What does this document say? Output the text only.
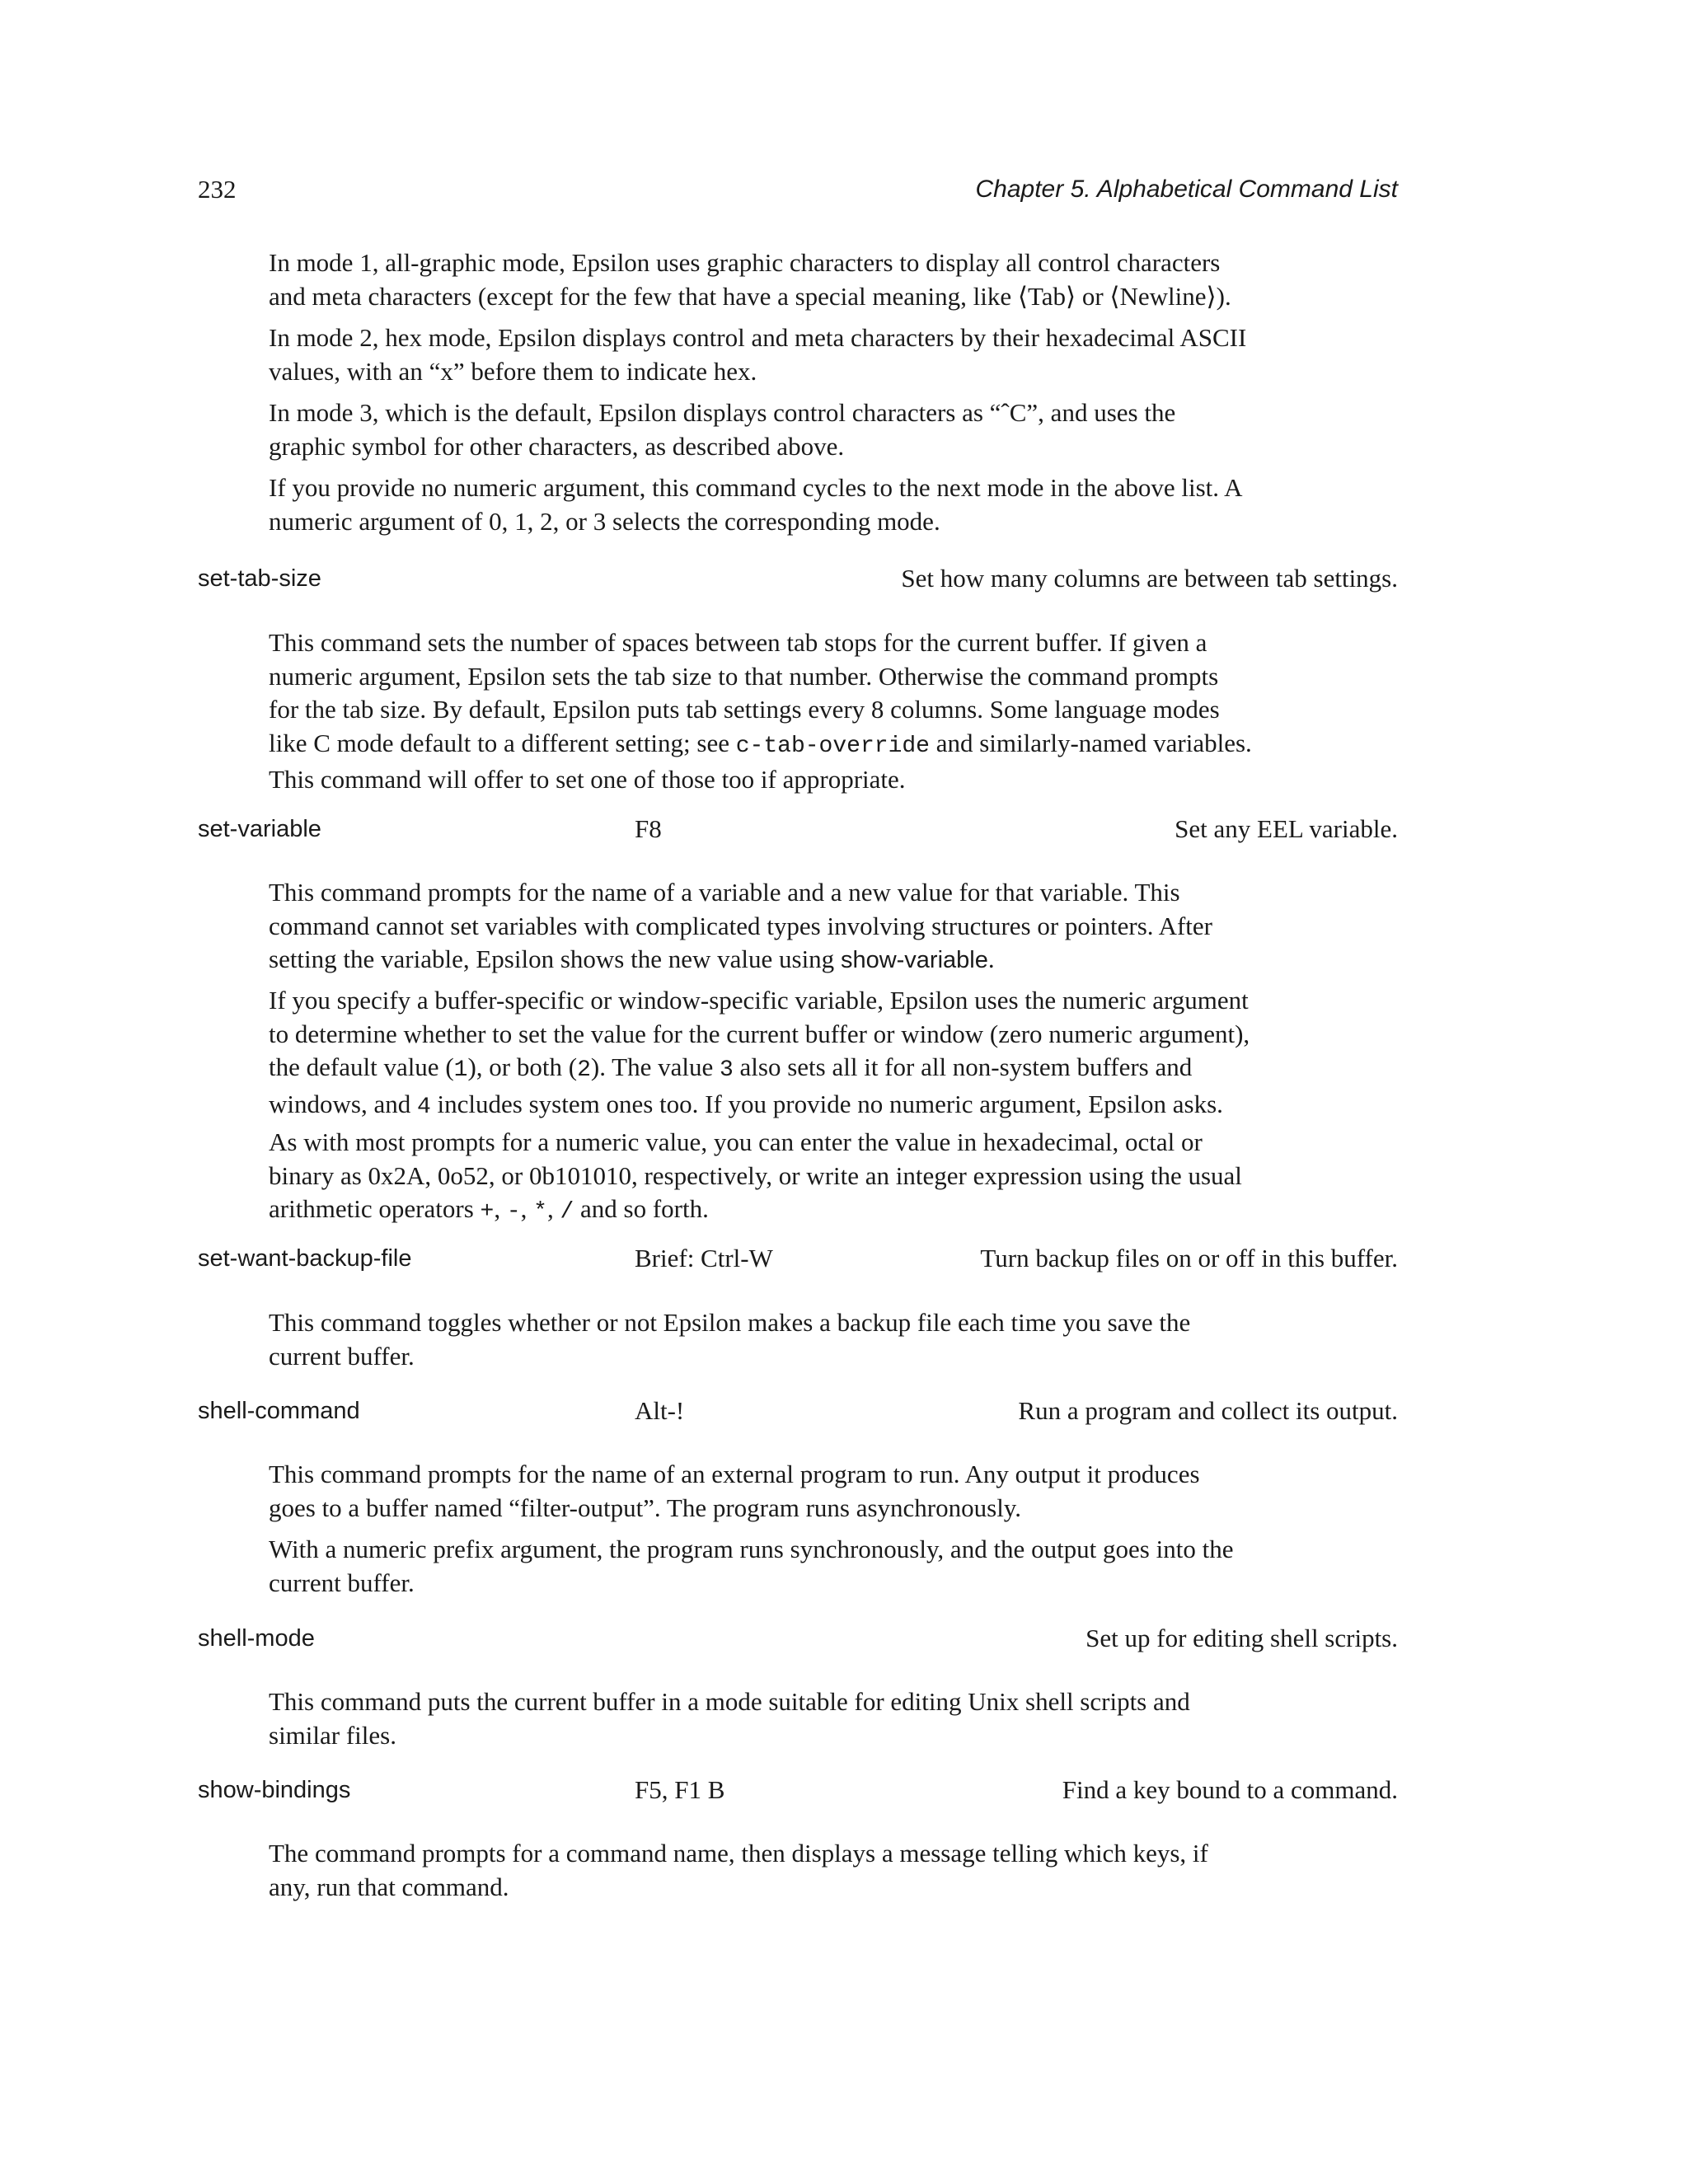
232	Chapter 5. Alphabetical Command List
In mode 1, all-graphic mode, Epsilon uses graphic characters to display all control characters
and meta characters (except for the few that have a special meaning, like ⟨Tab⟩ or ⟨Newline⟩).
In mode 2, hex mode, Epsilon displays control and meta characters by their hexadecimal ASCII
values, with an “x” before them to indicate hex.
In mode 3, which is the default, Epsilon displays control characters as “ˆC”, and uses the
graphic symbol for other characters, as described above.
If you provide no numeric argument, this command cycles to the next mode in the above list. A
numeric argument of 0, 1, 2, or 3 selects the corresponding mode.
set-tab-size	Set how many columns are between tab settings.
This command sets the number of spaces between tab stops for the current buffer. If given a
numeric argument, Epsilon sets the tab size to that number. Otherwise the command prompts
for the tab size. By default, Epsilon puts tab settings every 8 columns. Some language modes
like C mode default to a different setting; see c-tab-override and similarly-named variables.
This command will offer to set one of those too if appropriate.
set-variable	F8	Set any EEL variable.
This command prompts for the name of a variable and a new value for that variable. This
command cannot set variables with complicated types involving structures or pointers. After
setting the variable, Epsilon shows the new value using show-variable.
If you specify a buffer-specific or window-specific variable, Epsilon uses the numeric argument
to determine whether to set the value for the current buffer or window (zero numeric argument),
the default value (1), or both (2). The value 3 also sets all it for all non-system buffers and
windows, and 4 includes system ones too. If you provide no numeric argument, Epsilon asks.
As with most prompts for a numeric value, you can enter the value in hexadecimal, octal or
binary as 0x2A, 0o52, or 0b101010, respectively, or write an integer expression using the usual
arithmetic operators +, -, *, / and so forth.
set-want-backup-file	Brief: Ctrl-W	Turn backup files on or off in this buffer.
This command toggles whether or not Epsilon makes a backup file each time you save the
current buffer.
shell-command	Alt-!	Run a program and collect its output.
This command prompts for the name of an external program to run. Any output it produces
goes to a buffer named “filter-output”. The program runs asynchronously.
With a numeric prefix argument, the program runs synchronously, and the output goes into the
current buffer.
shell-mode	Set up for editing shell scripts.
This command puts the current buffer in a mode suitable for editing Unix shell scripts and
similar files.
show-bindings	F5, F1 B	Find a key bound to a command.
The command prompts for a command name, then displays a message telling which keys, if
any, run that command.
